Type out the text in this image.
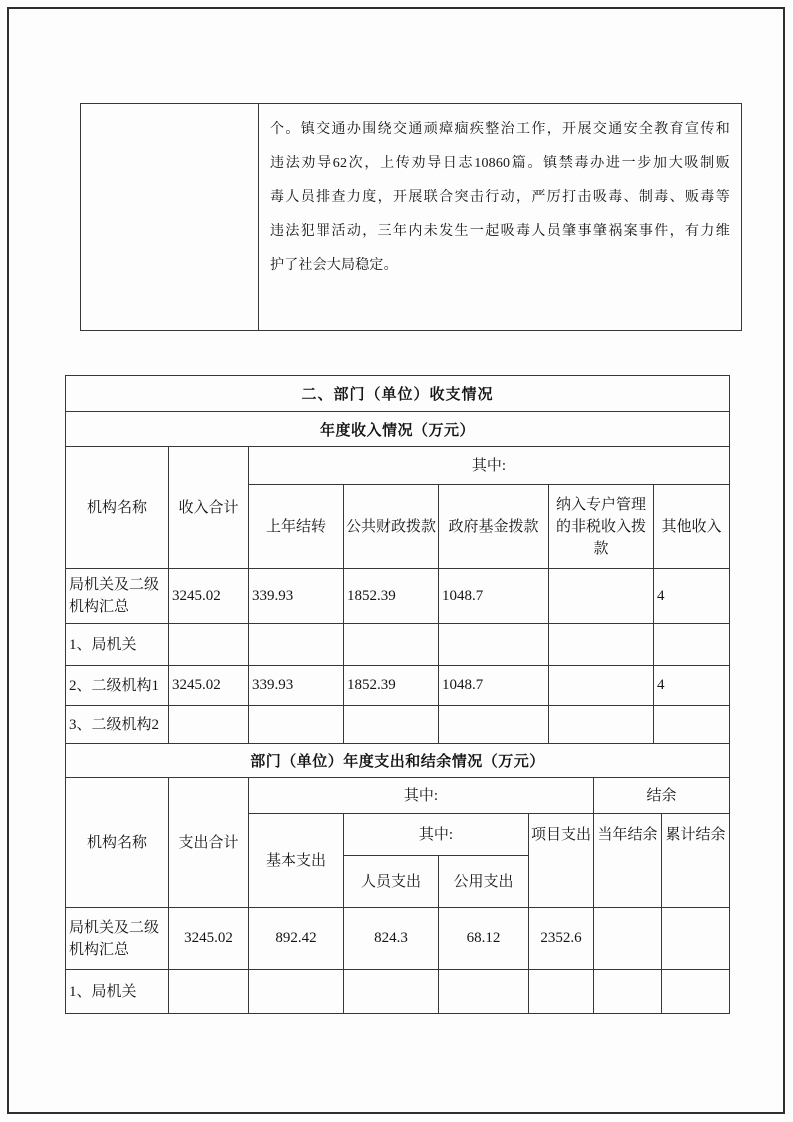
个。镇交通办围绕交通顽瘴痼疾整治工作，开展交通安全教育宣传和
违法劝导62次，上传劝导日志10860篇。镇禁毒办进一步加大吸制贩
毒人员排查力度，开展联合突击行动，严厉打击吸毒、制毒、贩毒等
违法犯罪活动，三年内未发生一起吸毒人员肇事肇祸案事件，有力维
护了社会大局稳定。
二、部门（单位）收支情况						
年度收入情况（万元）						
机构名称	收入合计	其中:				
		上年结转	公共财政拨款	政府基金拨款	纳入专户管理的非税收入拨款	其他收入
局机关及二级机构汇总	3245.02	339.93	1852.39	1048.7		4
1、局机关						
2、二级机构1	3245.02	339.93	1852.39	1048.7		4
3、二级机构2						
部门（单位）年度支出和结余情况（万元）							
机构名称	支出合计	其中:				结余	
		基本支出	其中:		项目支出	当年结余	累计结余
			人员支出	公用支出			
局机关及二级机构汇总	3245.02	892.42	824.3	68.12	2352.6		
1、局机关							
